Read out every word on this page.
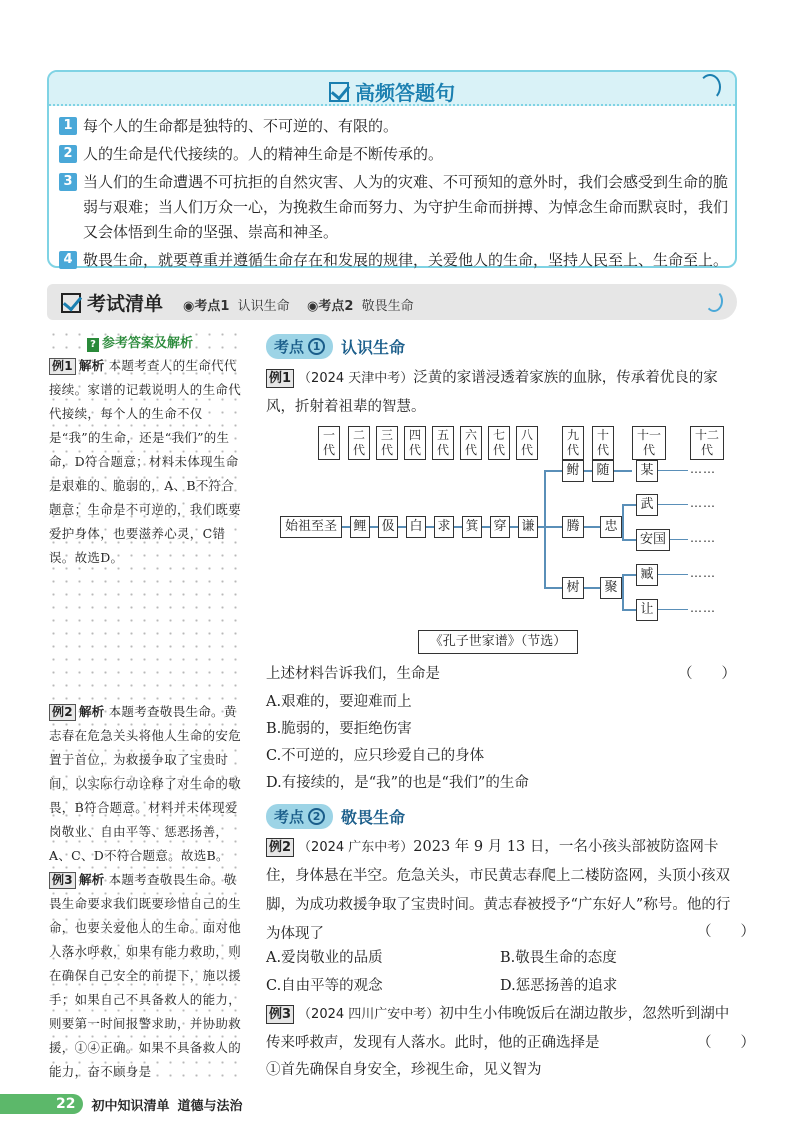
高频答题句
1 每个人的生命都是独特的、不可逆的、有限的。
2 人的生命是代代接续的。人的精神生命是不断传承的。
3 当人们的生命遭遇不可抗拒的自然灾害、人为的灾难、不可预知的意外时，我们会感受到生命的脆弱与艰难；当人们万众一心，为挽救生命而努力、为守护生命而拼搏、为悼念生命而默哀时，我们又会体悟到生命的坚强、崇高和神圣。
4 敬畏生命，就要尊重并遵循生命存在和发展的规律，关爱他人的生命，坚持人民至上、生命至上。
考试清单 ◉考点1 认识生命 ◉考点2 敬畏生命
? 参考答案及解析
例1 解析 本题考查人的生命代代接续。家谱的记载说明人的生命代代接续，每个人的生命不仅是“我”的生命，还是“我们”的生命，D符合题意；材料未体现生命是艰难的、脆弱的，A、B不符合题意；生命是不可逆的，我们既要爱护身体，也要滋养心灵，C错误。故选D。
例2 解析 本题考查敬畏生命。黄志春在危急关头将他人生命的安危置于首位，为救援争取了宝贵时间，以实际行动诠释了对生命的敬畏，B符合题意。材料并未体现爱岗敬业、自由平等、惩恶扬善，A、C、D不符合题意。故选B。
例3 解析 本题考查敬畏生命。敬畏生命要求我们既要珍惜自己的生命，也要关爱他人的生命。面对他人落水呼救，如果有能力救助，则在确保自己安全的前提下，施以援手；如果自己不具备救人的能力，则要第一时间报警求助，并协助救援，①④正确。如果不具备救人的能力，奋不顾身是
考点 1 认识生命
例1 （2024 天津中考）泛黄的家谱浸透着家族的血脉，传承着优良的家风，折射着祖辈的智慧。
一代
二代
三代
四代
五代
六代
七代
八代
九代
十代
十一代
十二代
始祖至圣	鲤 伋 白 求 箕 穿 谦
鲋
腾
树
随
忠
聚
某
武
安国
臧
让
……
……
……
……
……
《孔子世家谱》（节选）
上述材料告诉我们，生命是	（　　）
A.艰难的，要迎难而上
B.脆弱的，要拒绝伤害
C.不可逆的，应只珍爱自己的身体
D.有接续的，是“我”的也是“我们”的生命
考点 2 敬畏生命
例2 （2024 广东中考）2023 年 9 月 13 日，一名小孩头部被防盗网卡住，身体悬在半空。危急关头，市民黄志春爬上二楼防盗网，头顶小孩双脚，为成功救援争取了宝贵时间。黄志春被授予“广东好人”称号。他的行为体现了	（　　）
A.爱岗敬业的品质	B.敬畏生命的态度
C.自由平等的观念	D.惩恶扬善的追求
例3 （2024 四川广安中考）初中生小伟晚饭后在湖边散步，忽然听到湖中传来呼救声，发现有人落水。此时，他的正确选择是	（　　）
①首先确保自身安全，珍视生命，见义智为
22	初中知识清单 道德与法治
